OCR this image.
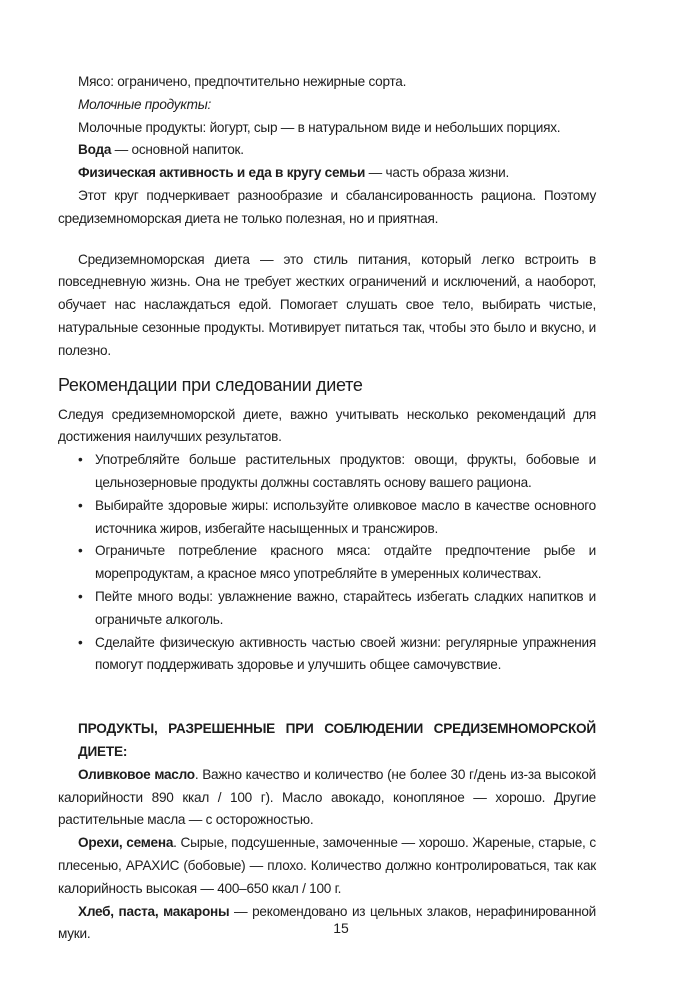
Мясо: ограничено, предпочтительно нежирные сорта.

Молочные продукты:

Молочные продукты: йогурт, сыр — в натуральном виде и небольших порциях.

Вода — основной напиток.

Физическая активность и еда в кругу семьи — часть образа жизни.

Этот круг подчеркивает разнообразие и сбалансированность рациона. Поэтому средиземноморская диета не только полезная, но и приятная.

Средиземноморская диета — это стиль питания, который легко встроить в повседневную жизнь. Она не требует жестких ограничений и исключений, а наоборот, обучает нас наслаждаться едой. Помогает слушать свое тело, выбирать чистые, натуральные сезонные продукты. Мотивирует питаться так, чтобы это было и вкусно, и полезно.

Рекомендации при следовании диете

Следуя средиземноморской диете, важно учитывать несколько рекомендаций для достижения наилучших результатов.

• Употребляйте больше растительных продуктов: овощи, фрукты, бобовые и цельнозерновые продукты должны составлять основу вашего рациона.
• Выбирайте здоровые жиры: используйте оливковое масло в качестве основного источника жиров, избегайте насыщенных и трансжиров.
• Ограничьте потребление красного мяса: отдайте предпочтение рыбе и морепродуктам, а красное мясо употребляйте в умеренных количествах.
• Пейте много воды: увлажнение важно, старайтесь избегать сладких напитков и ограничьте алкоголь.
• Сделайте физическую активность частью своей жизни: регулярные упражнения помогут поддерживать здоровье и улучшить общее самочувствие.

ПРОДУКТЫ, РАЗРЕШЕННЫЕ ПРИ СОБЛЮДЕНИИ СРЕДИЗЕМНОМОРСКОЙ ДИЕТЕ:

Оливковое масло. Важно качество и количество (не более 30 г/день из-за высокой калорийности 890 ккал / 100 г). Масло авокадо, конопляное — хорошо. Другие растительные масла — с осторожностью.

Орехи, семена. Сырые, подсушенные, замоченные — хорошо. Жареные, старые, с плесенью, АРАХИС (бобовые) — плохо. Количество должно контролироваться, так как калорийность высокая — 400–650 ккал / 100 г.

Хлеб, паста, макароны — рекомендовано из цельных злаков, нерафинированной муки.	15
